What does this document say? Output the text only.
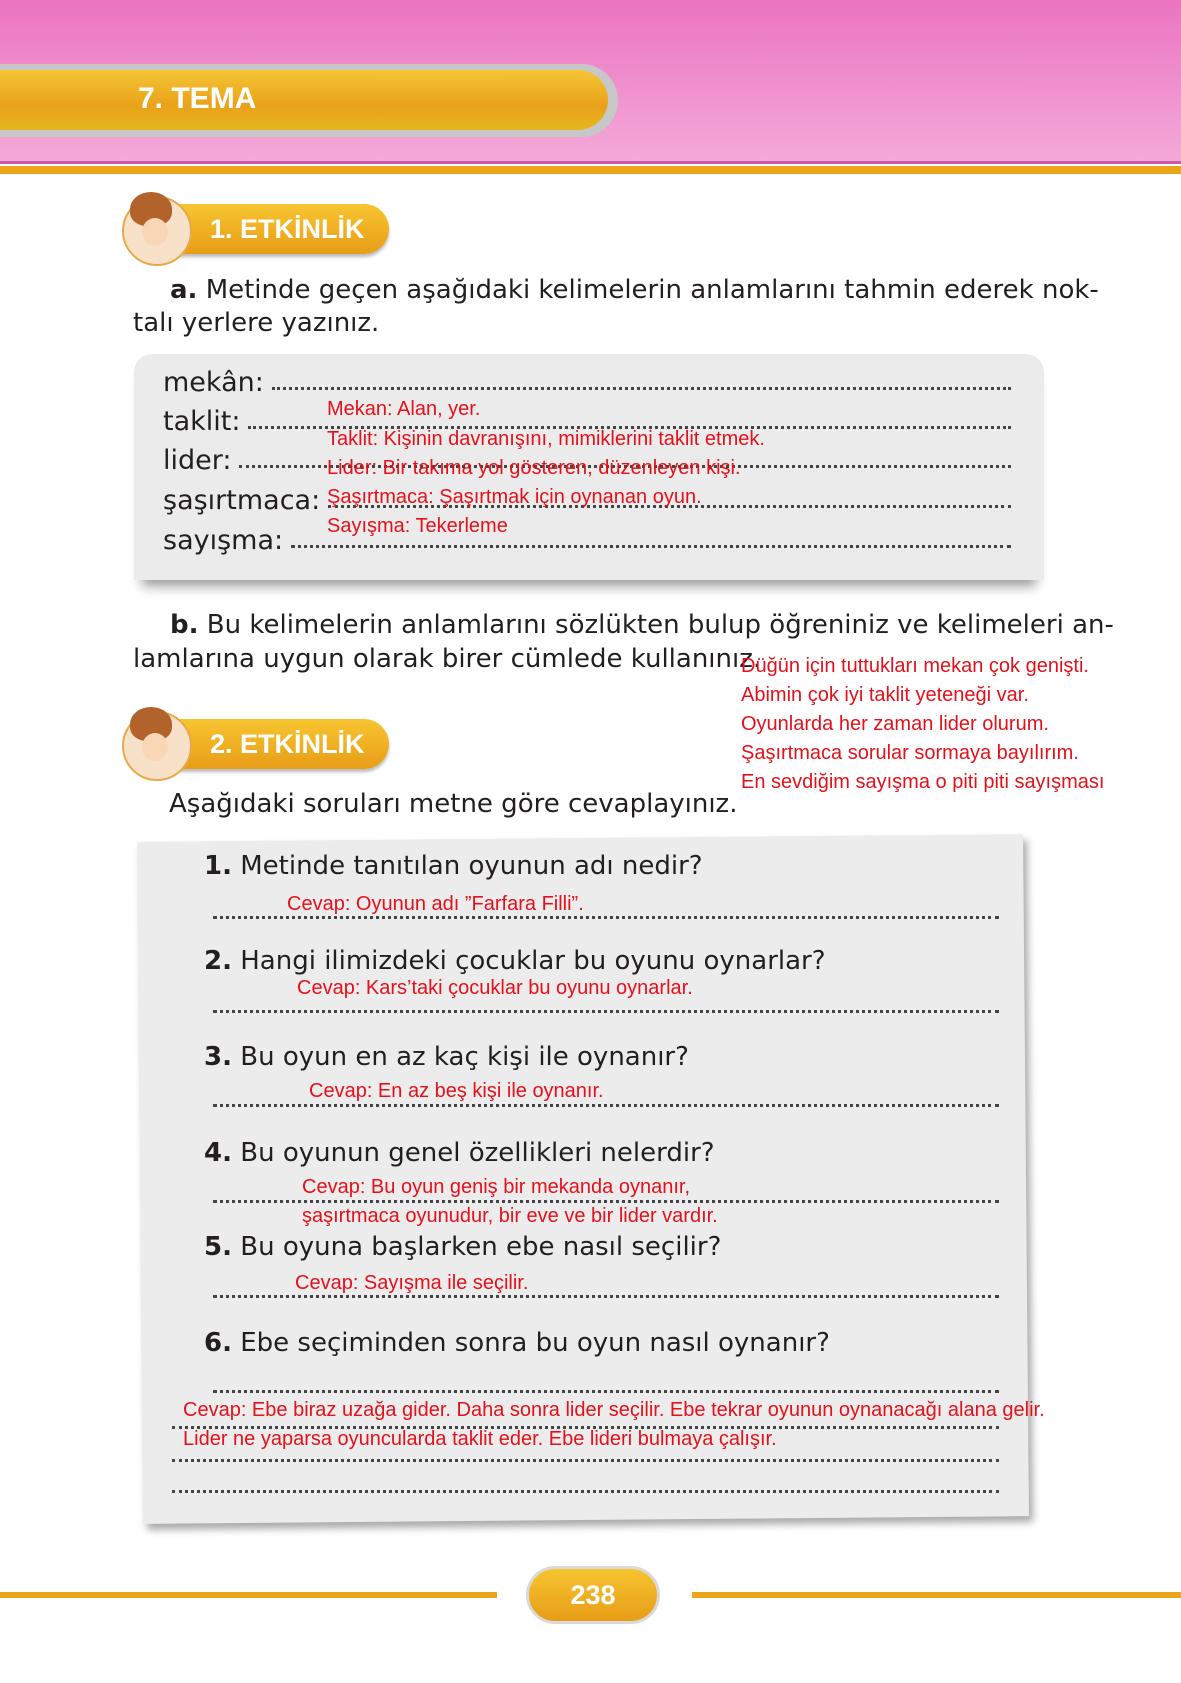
7. TEMA
1. ETKİNLİK
a. Metinde geçen aşağıdaki kelimelerin anlamlarını tahmin ederek nok-
talı yerlere yazınız.
mekân:
taklit:
lider:
şaşırtmaca:
sayışma:
Mekan: Alan, yer.
Taklit: Kişinin davranışını, mimiklerini taklit etmek.
Lider: Bir takıma yol gösteren, düzenleyen kişi.
Şaşırtmaca: Şaşırtmak için oynanan oyun.
Sayışma: Tekerleme
b. Bu kelimelerin anlamlarını sözlükten bulup öğreniniz ve kelimeleri an-
lamlarına uygun olarak birer cümlede kullanınız.
Düğün için tuttukları mekan çok genişti.
Abimin çok iyi taklit yeteneği var.
Oyunlarda her zaman lider olurum.
Şaşırtmaca sorular sormaya bayılırım.
En sevdiğim sayışma o piti piti sayışması
2. ETKİNLİK
Aşağıdaki soruları metne göre cevaplayınız.
1. Metinde tanıtılan oyunun adı nedir?
Cevap: Oyunun adı ”Farfara Filli”.
2. Hangi ilimizdeki çocuklar bu oyunu oynarlar?
Cevap: Kars’taki çocuklar bu oyunu oynarlar.
3. Bu oyun en az kaç kişi ile oynanır?
Cevap: En az beş kişi ile oynanır.
4. Bu oyunun genel özellikleri nelerdir?
Cevap: Bu oyun geniş bir mekanda oynanır,
şaşırtmaca oyunudur, bir eve ve bir lider vardır.
5. Bu oyuna başlarken ebe nasıl seçilir?
Cevap: Sayışma ile seçilir.
6. Ebe seçiminden sonra bu oyun nasıl oynanır?
Cevap: Ebe biraz uzağa gider. Daha sonra lider seçilir. Ebe tekrar oyunun oynanacağı alana gelir.
Lider ne yaparsa oyuncularda taklit eder. Ebe lideri bulmaya çalışır.
238
